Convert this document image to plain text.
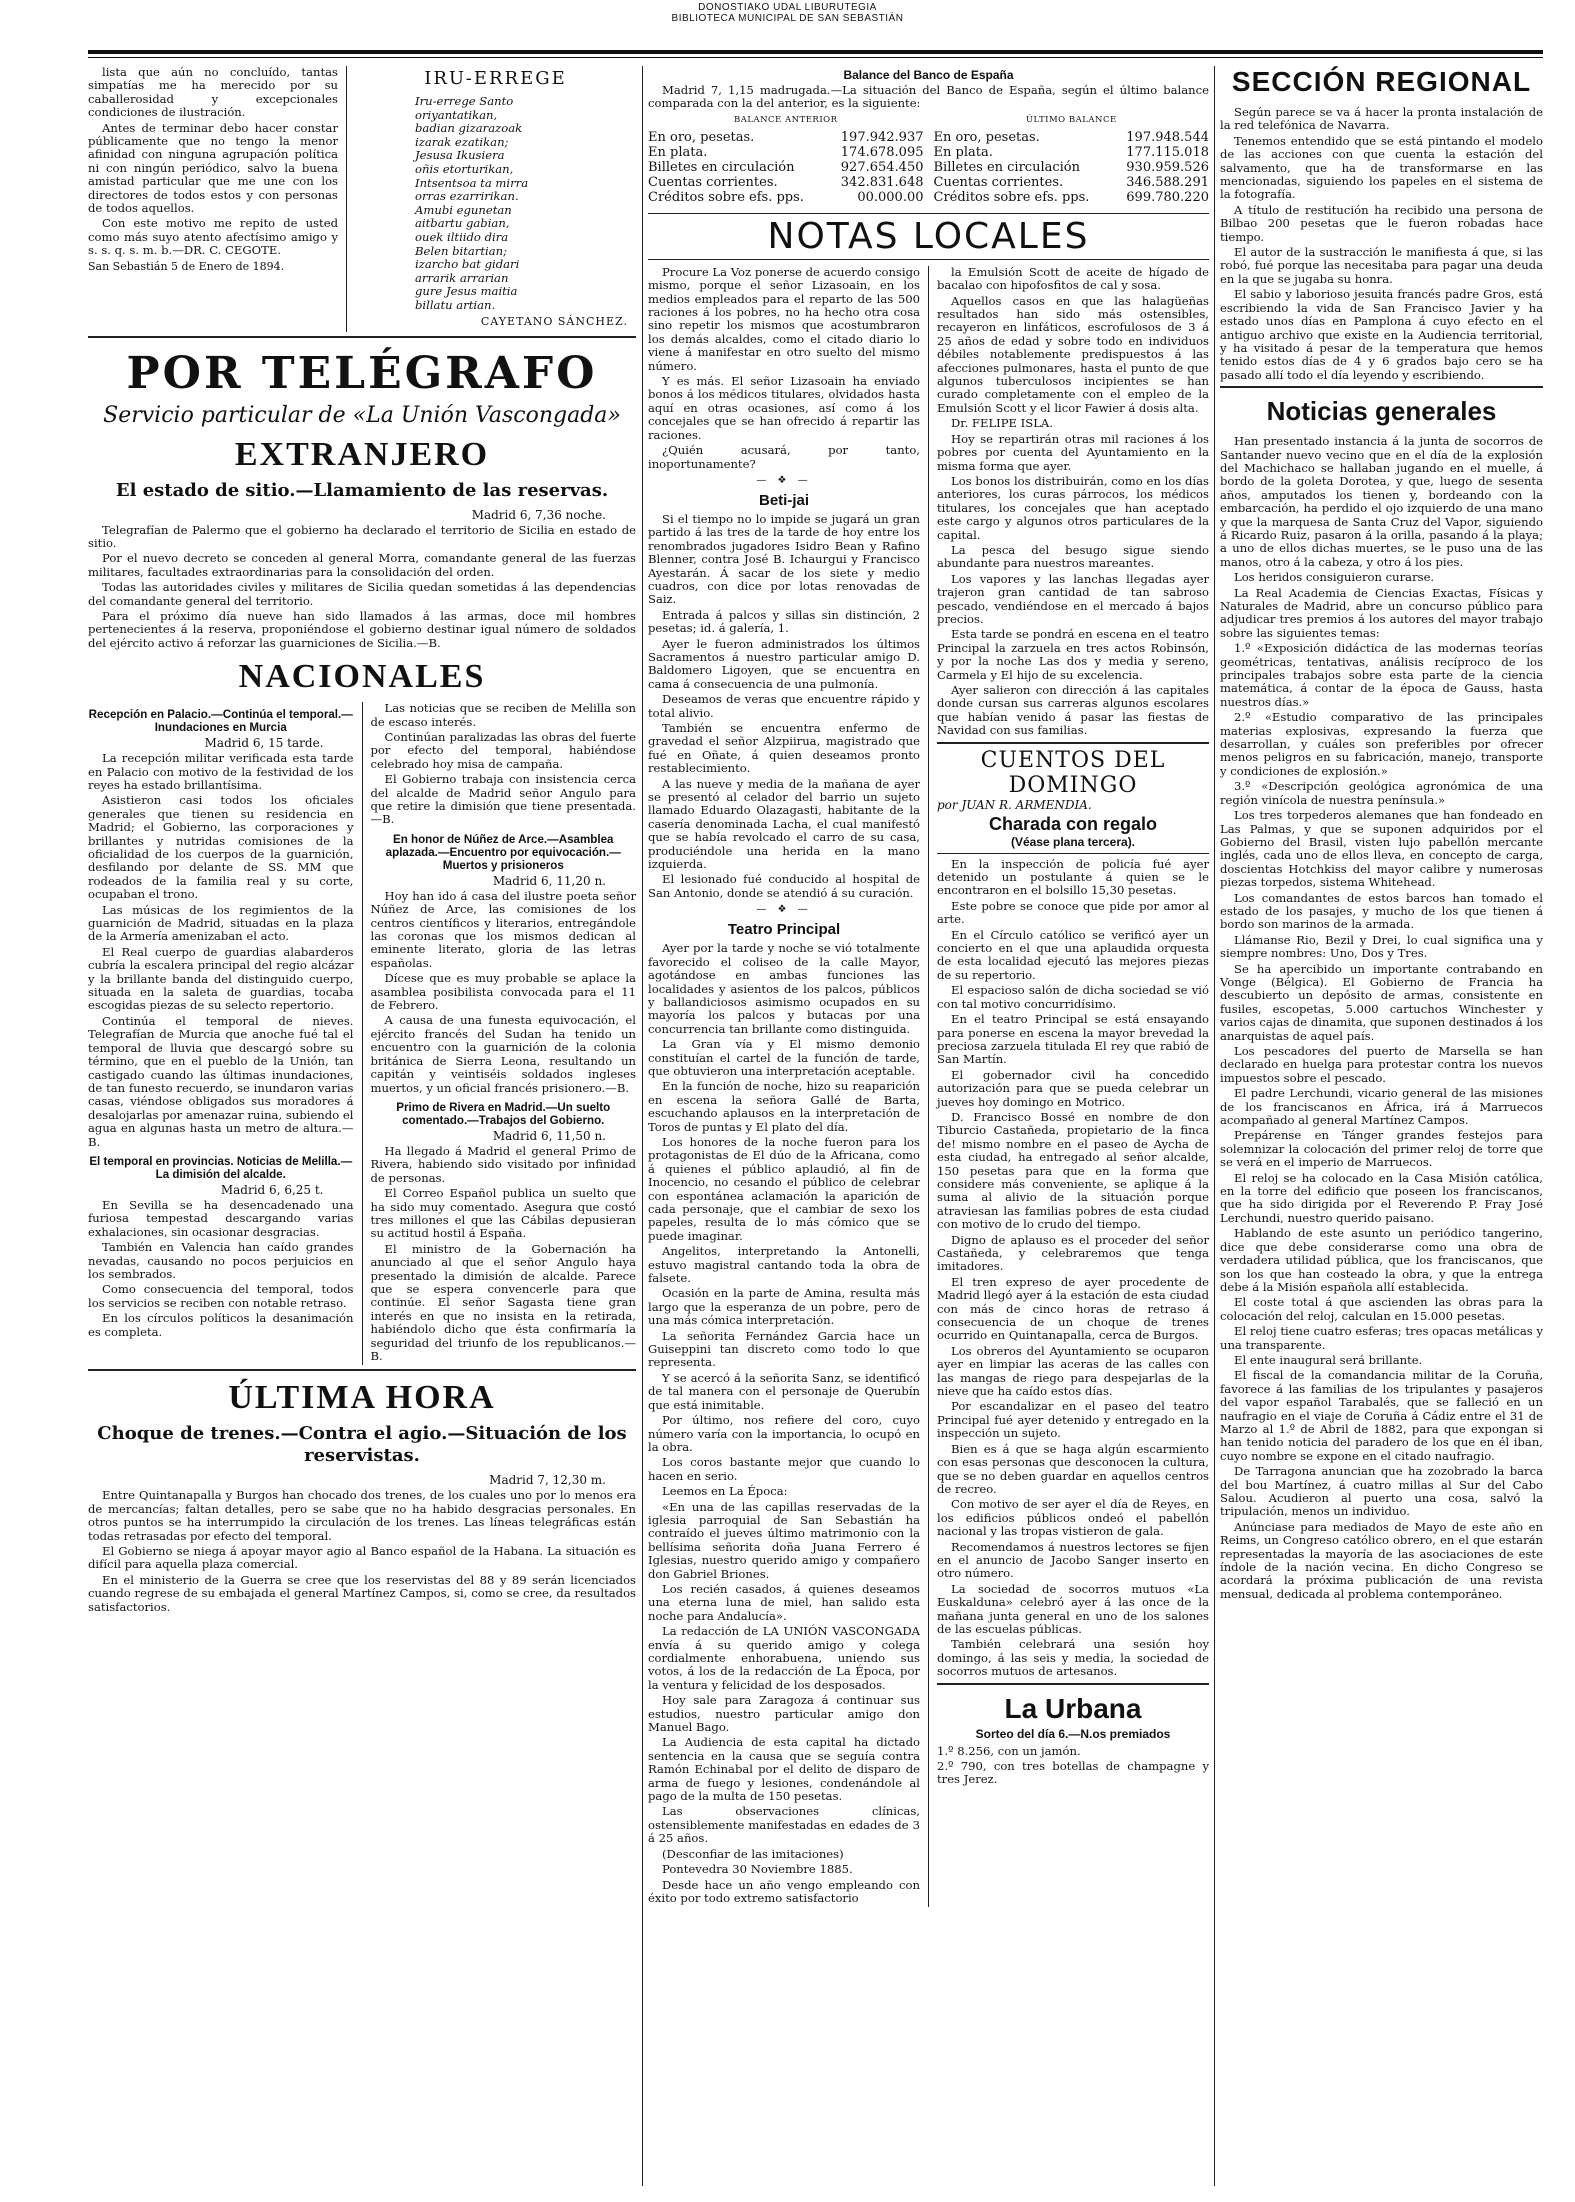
DONOSTIAKO UDAL LIBURUTEGIA
BIBLIOTECA MUNICIPAL DE SAN SEBASTIÁN

lista que aún no concluído, tantas simpatías me ha merecido por su caballerosidad y excepcionales condiciones de ilustración.

Antes de terminar debo hacer constar públicamente que no tengo la menor afinidad con ninguna agrupación política ni con ningún periódico, salvo la buena amistad particular que me une con los directores de todos estos y con personas de todos aquellos.

Con este motivo me repito de usted como más suyo atento afectísimo amigo y s. s. q. s. m. b.—DR. C. CEGOTE.

San Sebastián 5 de Enero de 1894.

IRU-ERREGE
Iru-errege Santo
oriyantatikan,
badian gizarazoak
izarak ezatikan;
Jesusa Ikusiera
oñis etorturikan,
Intsentsoa ta mirra
orras ezarririkan.
Amubi egunetan
aitbartu gabian,
ouek iltiido dira
Belen bitartian;
izarcho bat gidari
arrarik arrarian
gure Jesus maitia
billatu artian.
CAYETANO SÁNCHEZ.
POR TELÉGRAFO
Servicio particular de «La Unión Vascongada»
EXTRANJERO
El estado de sitio.—Llamamiento de las reservas.
Madrid 6, 7,36 noche.

Telegrafían de Palermo que el gobierno ha declarado el territorio de Sicilia en estado de sitio.

Por el nuevo decreto se conceden al general Morra, comandante general de las fuerzas militares, facultades extraordinarias para la consolidación del orden.

Todas las autoridades civiles y militares de Sicilia quedan sometidas á las dependencias del comandante general del territorio.

Para el próximo día nueve han sido llamados á las armas, doce mil hombres pertenecientes á la reserva, proponiéndose el gobierno destinar igual número de soldados del ejército activo á reforzar las guarniciones de Sicilia.—B.

NACIONALES
Recepción en Palacio.—Continúa el temporal.—Inundaciones en Murcia
Madrid 6, 15 tarde.

La recepción militar verificada esta tarde en Palacio con motivo de la festividad de los reyes ha estado brillantísima.

Asistieron casi todos los oficiales generales que tienen su residencia en Madrid; el Gobierno, las corporaciones y brillantes y nutridas comisiones de la oficialidad de los cuerpos de la guarnición, desfilando por delante de SS. MM que rodeados de la familia real y su corte, ocupaban el trono.

Las músicas de los regimientos de la guarnición de Madrid, situadas en la plaza de la Armería amenizaban el acto.

El Real cuerpo de guardias alabarderos cubría la escalera principal del regio alcázar y la brillante banda del distinguido cuerpo, situada en la saleta de guardias, tocaba escogidas piezas de su selecto repertorio.

Continúa el temporal de nieves. Telegrafían de Murcia que anoche fué tal el temporal de lluvia que descargó sobre su término, que en el pueblo de la Unión, tan castigado cuando las últimas inundaciones, de tan funesto recuerdo, se inundaron varias casas, viéndose obligados sus moradores á desalojarlas por amenazar ruina, subiendo el agua en algunas hasta un metro de altura.—B.

El temporal en provincias. Noticias de Melilla.—La dimisión del alcalde.
Madrid 6, 6,25 t.

En Sevilla se ha desencadenado una furiosa tempestad descargando varias exhalaciones, sin ocasionar desgracias.

También en Valencia han caído grandes nevadas, causando no pocos perjuicios en los sembrados.

Como consecuencia del temporal, todos los servicios se reciben con notable retraso.

En los círculos políticos la desanimación es completa.

Las noticias que se reciben de Melilla son de escaso interés.

Continúan paralizadas las obras del fuerte por efecto del temporal, habiéndose celebrado hoy misa de campaña.

El Gobierno trabaja con insistencia cerca del alcalde de Madrid señor Angulo para que retire la dimisión que tiene presentada.—B.

En honor de Núñez de Arce.—Asamblea aplazada.—Encuentro por equivocación.—Muertos y prisioneros
Madrid 6, 11,20 n.

Hoy han ido á casa del ilustre poeta señor Núñez de Arce, las comisiones de los centros científicos y literarios, entregándole las coronas que los mismos dedican al eminente literato, gloria de las letras españolas.

Dícese que es muy probable se aplace la asamblea posibilista convocada para el 11 de Febrero.

A causa de una funesta equivocación, el ejército francés del Sudan ha tenido un encuentro con la guarnición de la colonia británica de Sierra Leona, resultando un capitán y veintiséis soldados ingleses muertos, y un oficial francés prisionero.—B.

Primo de Rivera en Madrid.—Un suelto comentado.—Trabajos del Gobierno.
Madrid 6, 11,50 n.

Ha llegado á Madrid el general Primo de Rivera, habiendo sido visitado por infinidad de personas.

El Correo Español publica un suelto que ha sido muy comentado. Asegura que costó tres millones el que las Cábilas depusieran su actitud hostil á España.

El ministro de la Gobernación ha anunciado al que el señor Angulo haya presentado la dimisión de alcalde. Parece que se espera convencerle para que continúe. El señor Sagasta tiene gran interés en que no insista en la retirada, habiéndolo dicho que ésta confirmaría la seguridad del triunfo de los republicanos.—B.

ÚLTIMA HORA
Choque de trenes.—Contra el agio.—Situación de los reservistas.
Madrid 7, 12,30 m.

Entre Quintanapalla y Burgos han chocado dos trenes, de los cuales uno por lo menos era de mercancías; faltan detalles, pero se sabe que no ha habido desgracias personales. En otros puntos se ha interrumpido la circulación de los trenes. Las líneas telegráficas están todas retrasadas por efecto del temporal.

El Gobierno se niega á apoyar mayor agio al Banco español de la Habana. La situación es difícil para aquella plaza comercial.

En el ministerio de la Guerra se cree que los reservistas del 88 y 89 serán licenciados cuando regrese de su embajada el general Martínez Campos, si, como se cree, da resultados satisfactorios.

Balance del Banco de España

Madrid 7, 1,15 madrugada.—La situación del Banco de España, según el último balance comparada con la del anterior, es la siguiente:

BALANCE ANTERIOR
En oro, pesetas.	197.942.937
En plata.	174.678.095
Billetes en circulación	927.654.450
Cuentas corrientes.	342.831.648
Créditos sobre efs. pps.	00.000.00
ÚLTIMO BALANCE
En oro, pesetas.	197.948.544
En plata.	177.115.018
Billetes en circulación	930.959.526
Cuentas corrientes.	346.588.291
Créditos sobre efs. pps.	699.780.220
NOTAS LOCALES

Procure La Voz ponerse de acuerdo consigo mismo, porque el señor Lizasoain, en los medios empleados para el reparto de las 500 raciones á los pobres, no ha hecho otra cosa sino repetir los mismos que acostumbraron los demás alcaldes, como el citado diario lo viene á manifestar en otro suelto del mismo número.

Y es más. El señor Lizasoain ha enviado bonos á los médicos titulares, olvidados hasta aquí en otras ocasiones, así como á los concejales que se han ofrecido á repartir las raciones.

¿Quién acusará, por tanto, inoportunamente?

— ❖ —
Beti-jai

Si el tiempo no lo impide se jugará un gran partido á las tres de la tarde de hoy entre los renombrados jugadores Isidro Bean y Rafino Blenner, contra José B. Ichaurgui y Francisco Ayestarán. Á sacar de los siete y medio cuadros, con dice por lotas renovadas de Saiz.

Entrada á palcos y sillas sin distinción, 2 pesetas; id. á galería, 1.

Ayer le fueron administrados los últimos Sacramentos á nuestro particular amigo D. Baldomero Ligoyen, que se encuentra en cama á consecuencia de una pulmonía.

Deseamos de veras que encuentre rápido y total alivio.

También se encuentra enfermo de gravedad el señor Alzpiirua, magistrado que fué en Oñate, á quien deseamos pronto restablecimiento.

A las nueve y media de la mañana de ayer se presentó al celador del barrio un sujeto llamado Eduardo Olazagasti, habitante de la casería denominada Lacha, el cual manifestó que se había revolcado el carro de su casa, produciéndole una herida en la mano izquierda.

El lesionado fué conducido al hospital de San Antonio, donde se atendió á su curación.

— ❖ —
Teatro Principal

Ayer por la tarde y noche se vió totalmente favorecido el coliseo de la calle Mayor, agotándose en ambas funciones las localidades y asientos de los palcos, públicos y ballandiciosos asimismo ocupados en su mayoría los palcos y butacas por una concurrencia tan brillante como distinguida.

La Gran vía y El mismo demonio constituían el cartel de la función de tarde, que obtuvieron una interpretación aceptable.

En la función de noche, hizo su reaparición en escena la señora Gallé de Barta, escuchando aplausos en la interpretación de Toros de puntas y El plato del día.

Los honores de la noche fueron para los protagonistas de El dúo de la Africana, como á quienes el público aplaudió, al fin de Inocencio, no cesando el público de celebrar con espontánea aclamación la aparición de cada personaje, que el cambiar de sexo los papeles, resulta de lo más cómico que se puede imaginar.

Angelitos, interpretando la Antonelli, estuvo magistral cantando toda la obra de falsete.

Ocasión en la parte de Amina, resulta más largo que la esperanza de un pobre, pero de una más cómica interpretación.

La señorita Fernández Garcia hace un Guiseppini tan discreto como todo lo que representa.

Y se acercó á la señorita Sanz, se identificó de tal manera con el personaje de Querubín que está inimitable.

Por último, nos refiere del coro, cuyo número varía con la importancia, lo ocupó en la obra.

Los coros bastante mejor que cuando lo hacen en serio.

Leemos en La Época:

«En una de las capillas reservadas de la iglesia parroquial de San Sebastián ha contraído el jueves último matrimonio con la bellísima señorita doña Juana Ferrero é Iglesias, nuestro querido amigo y compañero don Gabriel Briones.

Los recién casados, á quienes deseamos una eterna luna de miel, han salido esta noche para Andalucía».

La redacción de LA UNIÓN VASCONGADA envía á su querido amigo y colega cordialmente enhorabuena, uniendo sus votos, á los de la redacción de La Época, por la ventura y felicidad de los desposados.

Hoy sale para Zaragoza á continuar sus estudios, nuestro particular amigo don Manuel Bago.

La Audiencia de esta capital ha dictado sentencia en la causa que se seguía contra Ramón Echinabal por el delito de disparo de arma de fuego y lesiones, condenándole al pago de la multa de 150 pesetas.

Las observaciones clínicas, ostensiblemente manifestadas en edades de 3 á 25 años.

(Desconfiar de las imitaciones)

Pontevedra 30 Noviembre 1885.

Desde hace un año vengo empleando con éxito por todo extremo satisfactorio

la Emulsión Scott de aceite de hígado de bacalao con hipofosfitos de cal y sosa.

Aquellos casos en que las halagüeñas resultados han sido más ostensibles, recayeron en linfáticos, escrofulosos de 3 á 25 años de edad y sobre todo en individuos débiles notablemente predispuestos á las afecciones pulmonares, hasta el punto de que algunos tuberculosos incipientes se han curado completamente con el empleo de la Emulsión Scott y el licor Fawier á dosis alta.

Dr. FELIPE ISLA.

Hoy se repartirán otras mil raciones á los pobres por cuenta del Ayuntamiento en la misma forma que ayer.

Los bonos los distribuirán, como en los días anteriores, los curas párrocos, los médicos titulares, los concejales que han aceptado este cargo y algunos otros particulares de la capital.

La pesca del besugo sigue siendo abundante para nuestros mareantes.

Los vapores y las lanchas llegadas ayer trajeron gran cantidad de tan sabroso pescado, vendiéndose en el mercado á bajos precios.

Esta tarde se pondrá en escena en el teatro Principal la zarzuela en tres actos Robinsón, y por la noche Las dos y media y sereno, Carmela y El hijo de su excelencia.

Ayer salieron con dirección á las capitales donde cursan sus carreras algunos escolares que habían venido á pasar las fiestas de Navidad con sus familias.

CUENTOS DEL DOMINGO
por JUAN R. ARMENDIA.
Charada con regalo
(Véase plana tercera).

En la inspección de policía fué ayer detenido un postulante á quien se le encontraron en el bolsillo 15,30 pesetas.

Este pobre se conoce que pide por amor al arte.

En el Círculo católico se verificó ayer un concierto en el que una aplaudida orquesta de esta localidad ejecutó las mejores piezas de su repertorio.

El espacioso salón de dicha sociedad se vió con tal motivo concurridísimo.

En el teatro Principal se está ensayando para ponerse en escena la mayor brevedad la preciosa zarzuela titulada El rey que rabió de San Martín.

El gobernador civil ha concedido autorización para que se pueda celebrar un jueves hoy domingo en Motrico.

D. Francisco Bossé en nombre de don Tiburcio Castañeda, propietario de la finca de! mismo nombre en el paseo de Aycha de esta ciudad, ha entregado al señor alcalde, 150 pesetas para que en la forma que considere más conveniente, se aplique á la suma al alivio de la situación porque atraviesan las familias pobres de esta ciudad con motivo de lo crudo del tiempo.

Digno de aplauso es el proceder del señor Castañeda, y celebraremos que tenga imitadores.

El tren expreso de ayer procedente de Madrid llegó ayer á la estación de esta ciudad con más de cinco horas de retraso á consecuencia de un choque de trenes ocurrido en Quintanapalla, cerca de Burgos.

Los obreros del Ayuntamiento se ocuparon ayer en limpiar las aceras de las calles con las mangas de riego para despejarlas de la nieve que ha caído estos días.

Por escandalizar en el paseo del teatro Principal fué ayer detenido y entregado en la inspección un sujeto.

Bien es á que se haga algún escarmiento con esas personas que desconocen la cultura, que se no deben guardar en aquellos centros de recreo.

Con motivo de ser ayer el día de Reyes, en los edificios públicos ondeó el pabellón nacional y las tropas vistieron de gala.

Recomendamos á nuestros lectores se fijen en el anuncio de Jacobo Sanger inserto en otro número.

La sociedad de socorros mutuos «La Euskalduna» celebró ayer á las once de la mañana junta general en uno de los salones de las escuelas públicas.

También celebrará una sesión hoy domingo, á las seis y media, la sociedad de socorros mutuos de artesanos.

La Urbana
Sorteo del día 6.—N.os premiados

1.º 8.256, con un jamón.

2.º 790, con tres botellas de champagne y tres Jerez.

SECCIÓN REGIONAL

Según parece se va á hacer la pronta instalación de la red telefónica de Navarra.

Tenemos entendido que se está pintando el modelo de las acciones con que cuenta la estación del salvamento, que ha de transformarse en las mencionadas, siguiendo los papeles en el sistema de la fotografía.

A título de restitución ha recibido una persona de Bilbao 200 pesetas que le fueron robadas hace tiempo.

El autor de la sustracción le manifiesta á que, si las robó, fué porque las necesitaba para pagar una deuda en la que se jugaba su honra.

El sabio y laborioso jesuita francés padre Gros, está escribiendo la vida de San Francisco Javier y ha estado unos días en Pamplona á cuyo efecto en el antiguo archivo que existe en la Audiencia territorial, y ha visitado á pesar de la temperatura que hemos tenido estos días de 4 y 6 grados bajo cero se ha pasado allí todo el día leyendo y escribiendo.

Noticias generales

Han presentado instancia á la junta de socorros de Santander nuevo vecino que en el día de la explosión del Machichaco se hallaban jugando en el muelle, á bordo de la goleta Dorotea, y que, luego de sesenta años, amputados los tienen y, bordeando con la embarcación, ha perdido el ojo izquierdo de una mano y que la marquesa de Santa Cruz del Vapor, siguiendo á Ricardo Ruiz, pasaron á la orilla, pasando á la playa; a uno de ellos dichas muertes, se le puso una de las manos, otro á la cabeza, y otro á los pies.

Los heridos consiguieron curarse.

La Real Academia de Ciencias Exactas, Físicas y Naturales de Madrid, abre un concurso público para adjudicar tres premios á los autores del mayor trabajo sobre las siguientes temas:

1.º «Exposición didáctica de las modernas teorías geométricas, tentativas, análisis recíproco de los principales trabajos sobre esta parte de la ciencia matemática, á contar de la época de Gauss, hasta nuestros días.»

2.º «Estudio comparativo de las principales materias explosivas, expresando la fuerza que desarrollan, y cuáles son preferibles por ofrecer menos peligros en su fabricación, manejo, transporte y condiciones de explosión.»

3.º «Descripción geológica agronómica de una región vinícola de nuestra península.»

Los tres torpederos alemanes que han fondeado en Las Palmas, y que se suponen adquiridos por el Gobierno del Brasil, visten lujo pabellón mercante inglés, cada uno de ellos lleva, en concepto de carga, doscientas Hotchkiss del mayor calibre y numerosas piezas torpedos, sistema Whitehead.

Los comandantes de estos barcos han tomado el estado de los pasajes, y mucho de los que tienen á bordo son marinos de la armada.

Llámanse Rio, Bezil y Drei, lo cual significa una y siempre nombres: Uno, Dos y Tres.

Se ha apercibido un importante contrabando en Vonge (Bélgica). El Gobierno de Francia ha descubierto un depósito de armas, consistente en fusiles, escopetas, 5.000 cartuchos Winchester y varios cajas de dinamita, que suponen destinados á los anarquistas de aquel país.

Los pescadores del puerto de Marsella se han declarado en huelga para protestar contra los nuevos impuestos sobre el pescado.

El padre Lerchundi, vicario general de las misiones de los franciscanos en África, irá á Marruecos acompañado al general Martínez Campos.

Prepárense en Tánger grandes festejos para solemnizar la colocación del primer reloj de torre que se verá en el imperio de Marruecos.

El reloj se ha colocado en la Casa Misión católica, en la torre del edificio que poseen los franciscanos, que ha sido dirigida por el Reverendo P. Fray José Lerchundi, nuestro querido paisano.

Hablando de este asunto un periódico tangerino, dice que debe considerarse como una obra de verdadera utilidad pública, que los franciscanos, que son los que han costeado la obra, y que la entrega debe á la Misión española allí establecida.

El coste total á que ascienden las obras para la colocación del reloj, calculan en 15.000 pesetas.

El reloj tiene cuatro esferas; tres opacas metálicas y una transparente.

El ente inaugural será brillante.

El fiscal de la comandancia militar de la Coruña, favorece á las familias de los tripulantes y pasajeros del vapor español Tarabalés, que se falleció en un naufragio en el viaje de Coruña á Cádiz entre el 31 de Marzo al 1.º de Abril de 1882, para que expongan si han tenido noticia del paradero de los que en él iban, cuyo nombre se expone en el citado naufragio.

De Tarragona anuncian que ha zozobrado la barca del bou Martínez, á cuatro millas al Sur del Cabo Salou. Acudieron al puerto una cosa, salvó la tripulación, menos un individuo.

Anúnciase para mediados de Mayo de este año en Reims, un Congreso católico obrero, en el que estarán representadas la mayoría de las asociaciones de este índole de la nación vecina. En dicho Congreso se acordará la próxima publicación de una revista mensual, dedicada al problema contemporáneo.
